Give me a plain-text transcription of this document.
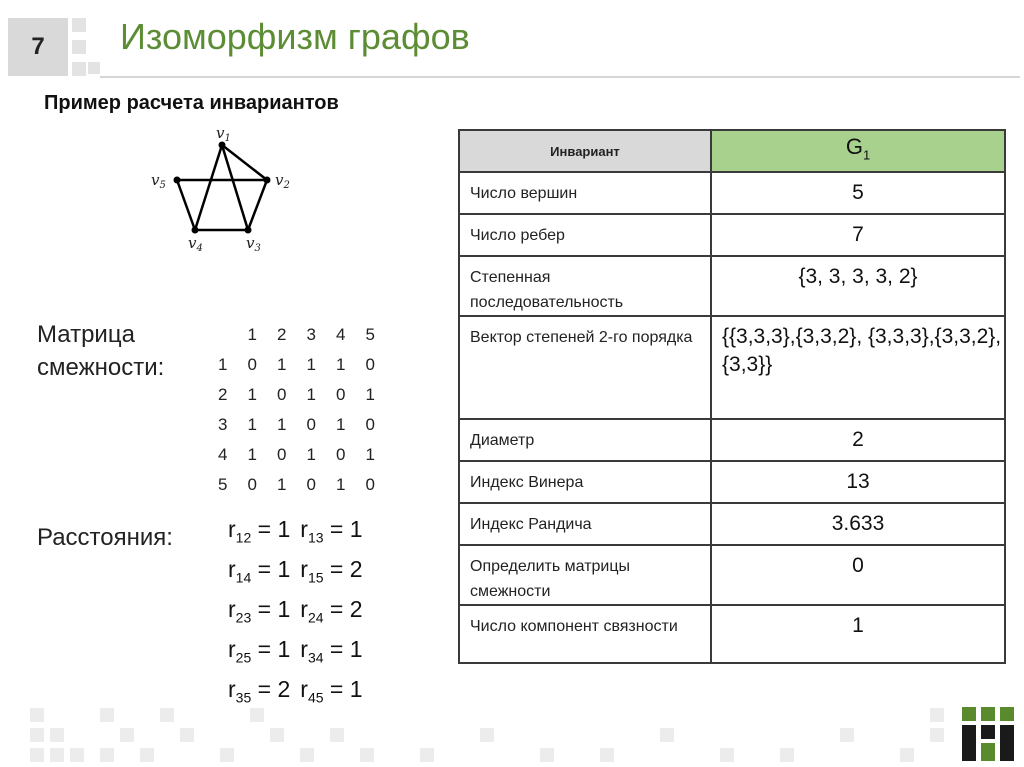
7 Изоморфизм графов
Пример расчета инвариантов
$v_1$
$v_2$
$v_3$
$v_4$
$v_5$
Матрица смежности:
	1	2	3	4	5
1	0	1	1	1	0
2	1	0	1	0	1
3	1	1	0	1	0
4	1	0	1	0	1
5	0	1	0	1	0
Расстояния: $r_{12} = 1$ $r_{13} = 1$
$r_{14} = 1$ $r_{15} = 2$
$r_{23} = 1$ $r_{24} = 2$
$r_{25} = 1$ $r_{34} = 1$
$r_{35} = 2$ $r_{45} = 1$
Инвариант	$G_1$
Число вершин	5
Число ребер	7
Степенная последовательность	{3, 3, 3, 3, 2}
Вектор степеней 2-го порядка	{{3,3,3},{3,3,2}, {3,3,3},{3,3,2}, {3,3}}
Диаметр	2
Индекс Винера	13
Индекс Рандича	3.633
Определить матрицы смежности	0
Число компонент связности	1
